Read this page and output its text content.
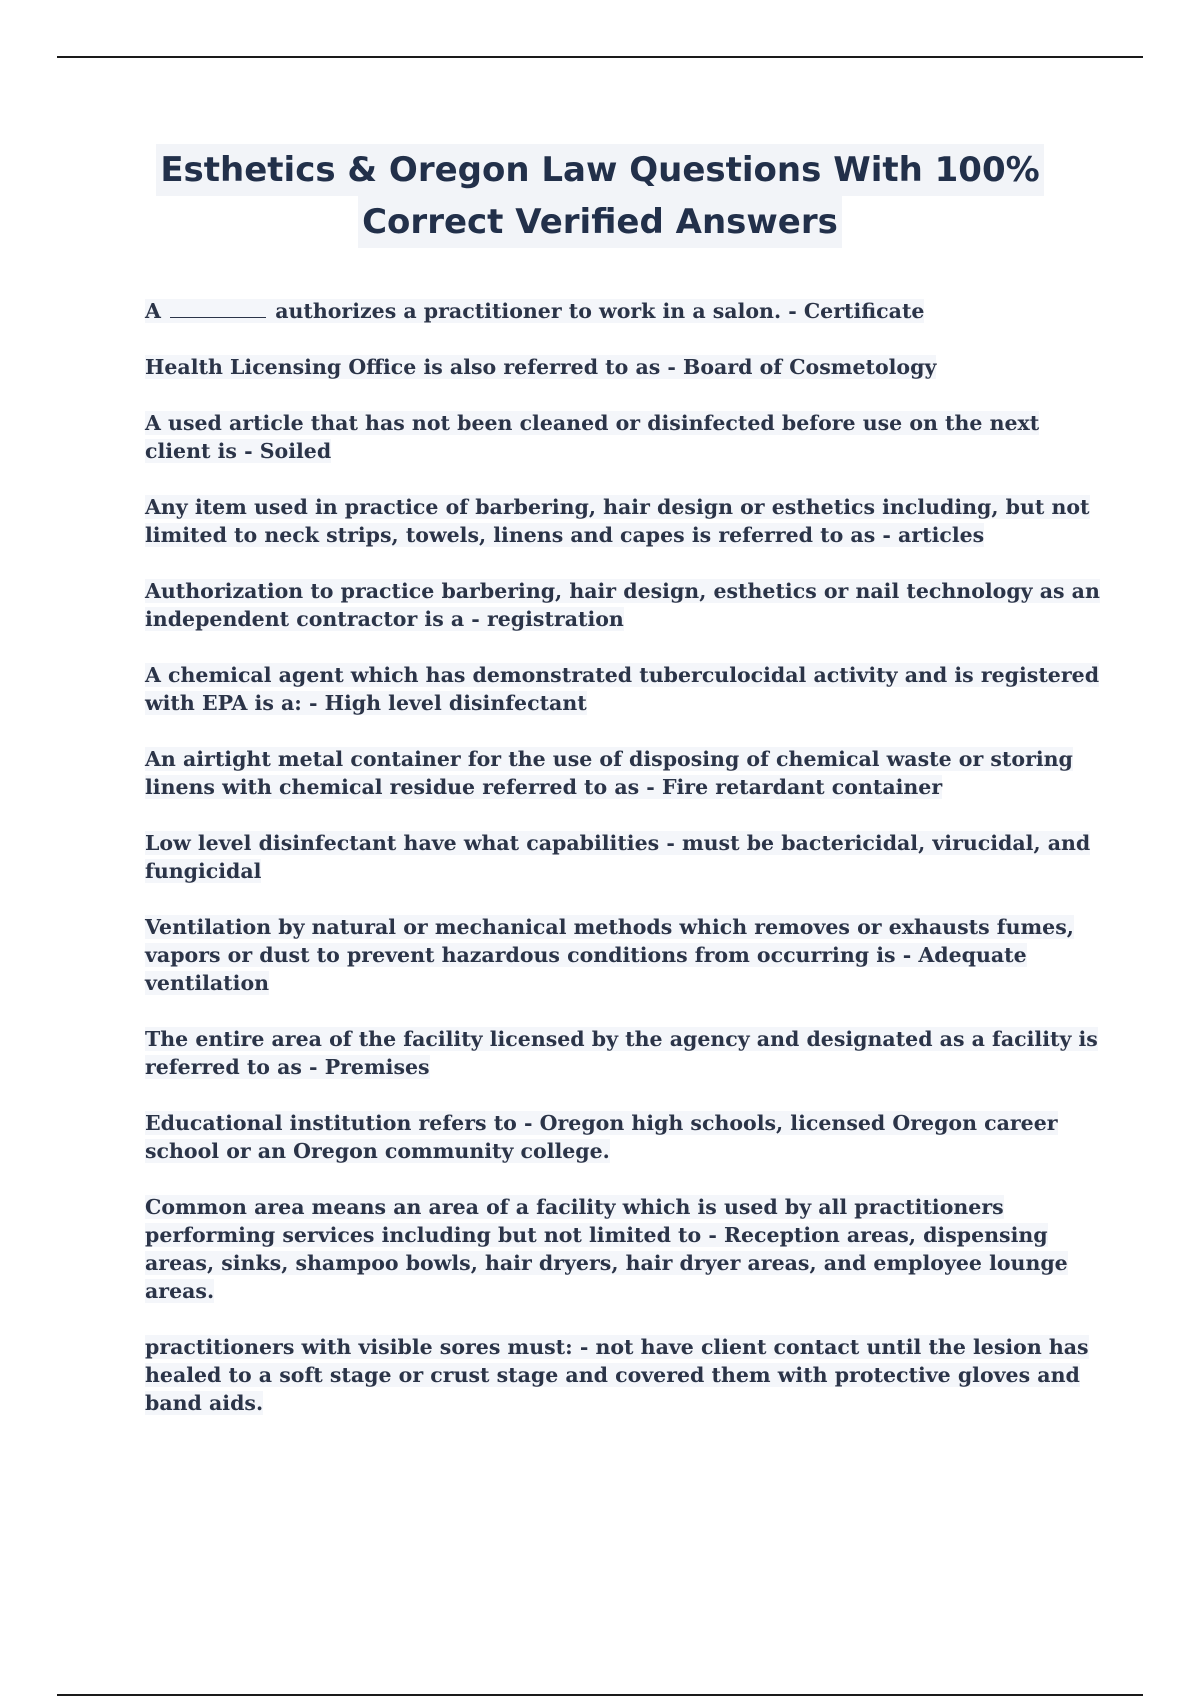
Esthetics & Oregon Law Questions With 100%
Correct Verified Answers

A	authorizes a practitioner to work in a salon. - Certificate

Health Licensing Office is also referred to as - Board of Cosmetology

A used article that has not been cleaned or disinfected before use on the next client is - Soiled

Any item used in practice of barbering, hair design or esthetics including, but not limited to neck strips, towels, linens and capes is referred to as - articles

Authorization to practice barbering, hair design, esthetics or nail technology as an independent contractor is a - registration

A chemical agent which has demonstrated tuberculocidal activity and is registered with EPA is a: - High level disinfectant

An airtight metal container for the use of disposing of chemical waste or storing linens with chemical residue referred to as - Fire retardant container

Low level disinfectant have what capabilities - must be bactericidal, virucidal, and fungicidal

Ventilation by natural or mechanical methods which removes or exhausts fumes, vapors or dust to prevent hazardous conditions from occurring is - Adequate ventilation

The entire area of the facility licensed by the agency and designated as a facility is referred to as - Premises

Educational institution refers to - Oregon high schools, licensed Oregon career school or an Oregon community college.

Common area means an area of a facility which is used by all practitioners performing services including but not limited to - Reception areas, dispensing areas, sinks, shampoo bowls, hair dryers, hair dryer areas, and employee lounge areas.

practitioners with visible sores must: - not have client contact until the lesion has healed to a soft stage or crust stage and covered them with protective gloves and band aids.
